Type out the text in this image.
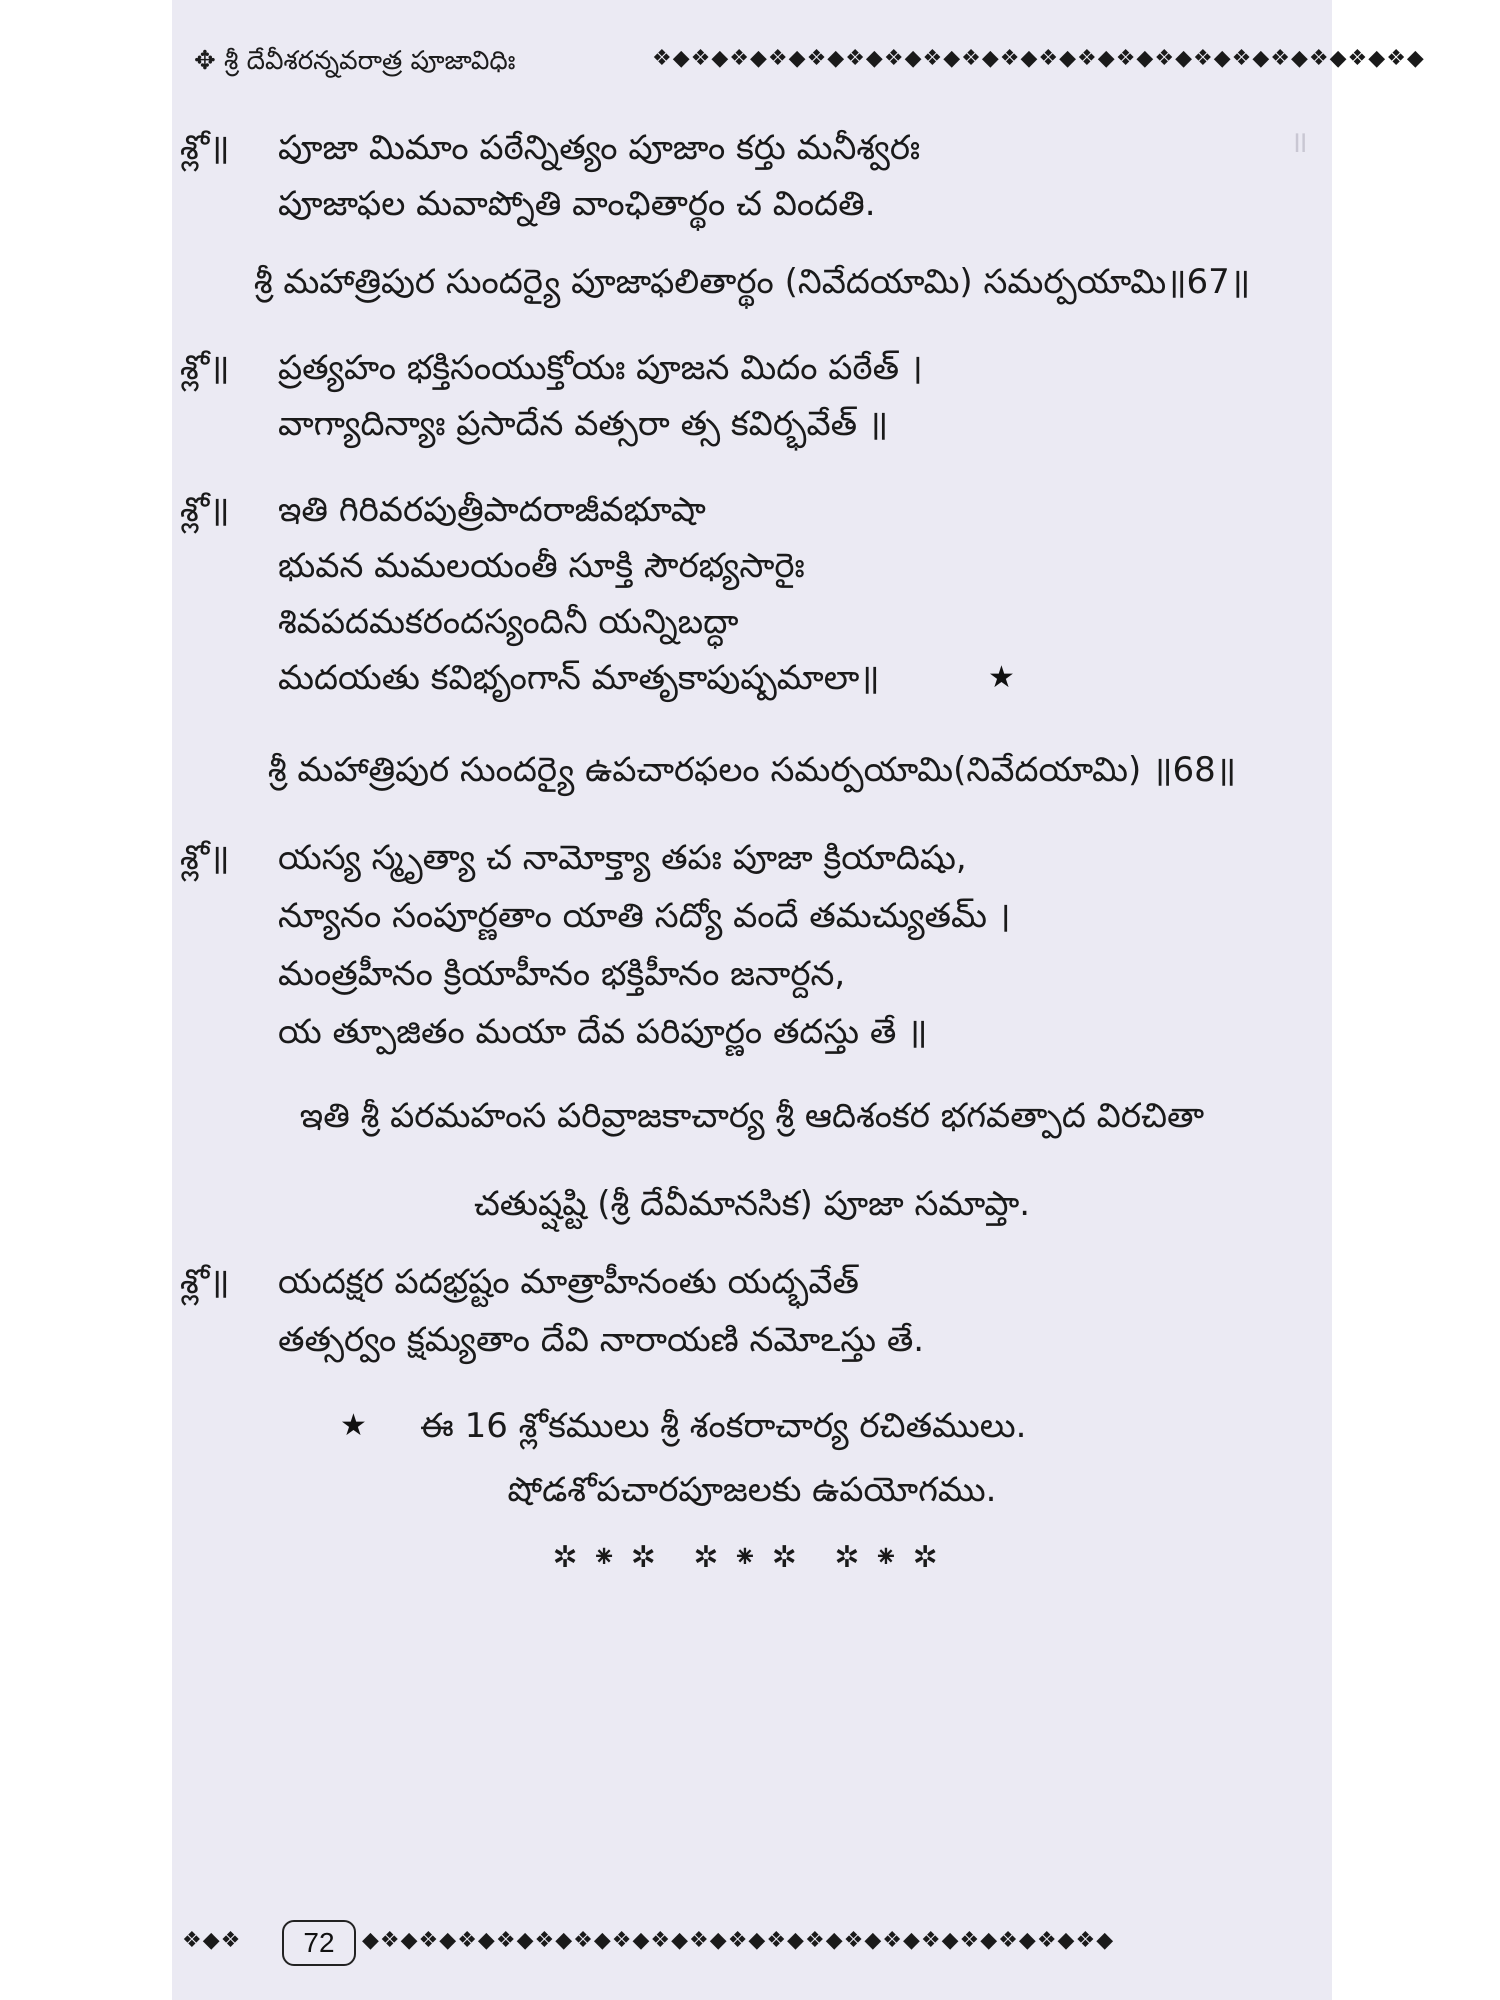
✥ శ్రీ దేవీశరన్నవరాత్ర పూజావిధిః	❖◆❖◆❖◆❖◆❖◆❖◆❖◆❖◆❖◆❖◆❖◆❖◆❖◆❖◆❖◆❖◆❖◆❖◆❖◆❖◆
॥
శ్లో॥ పూజా మిమాం పఠేన్నిత్యం పూజాం కర్తు మనీశ్వరః
పూజాఫల మవాప్నోతి వాంఛితార్థం చ విందతి.
శ్రీ మహాత్రిపుర సుందర్యై పూజాఫలితార్థం (నివేదయామి) సమర్పయామి॥67॥
శ్లో॥ ప్రత్యహం భక్తిసంయుక్తోయః పూజన మిదం పఠేత్ ।
వాగ్యాదిన్యాః ప్రసాదేన వత్సరా త్స కవిర్భవేత్ ॥
శ్లో॥ ఇతి గిరివరపుత్రీపాదరాజీవభూషా
భువన మమలయంతీ సూక్తి సౌరభ్యసారైః
శివపదమకరందస్యందినీ యన్నిబద్ధా
మదయతు కవిభృంగాన్ మాతృకాపుష్పమాలా॥	★
శ్రీ మహాత్రిపుర సుందర్యై ఉపచారఫలం సమర్పయామి(నివేదయామి) ॥68॥
శ్లో॥ యస్య స్మృత్యా చ నామోక్త్యా తపః పూజా క్రియాదిషు,
న్యూనం సంపూర్ణతాం యాతి సద్యో వందే తమచ్యుతమ్ ।
మంత్రహీనం క్రియాహీనం భక్తిహీనం జనార్దన,
య త్పూజితం మయా దేవ పరిపూర్ణం తదస్తు తే ॥
ఇతి శ్రీ పరమహంస పరివ్రాజకాచార్య శ్రీ ఆదిశంకర భగవత్పాద విరచితా
చతుష్షష్టి (శ్రీ దేవీమానసిక) పూజా సమాప్తా.
శ్లో॥ యదక్షర పదభ్రష్టం మాత్రాహీనంతు యద్భవేత్
తత్సర్వం క్షమ్యతాం దేవి నారాయణి నమోఽస్తు తే.
★ ఈ 16 శ్లోకములు శ్రీ శంకరాచార్య రచితములు.
షోడశోపచారపూజలకు ఉపయోగము.
✲⁕✲ ✲⁕✲ ✲⁕✲
❖◆❖	72	◆❖◆❖◆❖◆❖◆❖◆❖◆❖◆❖◆❖◆❖◆❖◆❖◆❖◆❖◆❖◆❖◆❖◆❖◆❖◆
